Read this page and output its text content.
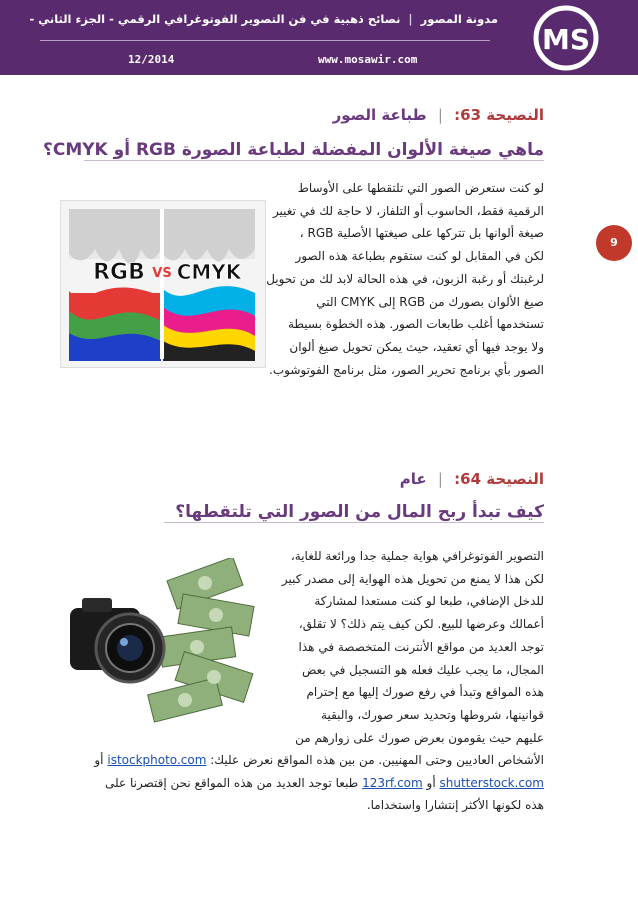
مدونة المصور  |  نصائح ذهبية في فن التصوير الفوتوغرافي الرقمي - الجزء الثاني -
www.mosawir.com
12/2014
MS
9
النصيحة 63: | طباعة الصور
ماهي صيغة الألوان المفضلة لطباعة الصورة RGB أو CMYK؟
لو كنت ستعرض الصور التي تلتقطها على الأوساط
الرقمية فقط، الحاسوب أو التلفاز، لا حاجة لك في تغيير
صيغة ألوانها بل تتركها على صيغتها الأصلية RGB ،
لكن في المقابل لو كنت ستقوم بطباعة هذه الصور
لرغبتك أو رغبة الزبون، في هذه الحالة لابد لك من تحويل
صيغ الألوان بصورك من RGB إلى CMYK التي
تستخدمها أغلب طابعات الصور. هذه الخطوة بسيطة
ولا يوجد فيها أي تعقيد، حيث يمكن تحويل صيغ ألوان
الصور بأي برنامج تحرير الصور، مثل برنامج الفوتوشوب.
RGB VS CMYK
النصيحة 64: | عام
كيف تبدأ ربح المال من الصور التي تلتقطها؟
التصوير الفوتوغرافي هواية جملية جدا ورائعة للغاية،
لكن هذا لا يمنع من تحويل هذه الهواية إلى مصدر كبير
للدخل الإضافي، طبعا لو كنت مستعدا لمشاركة
أعمالك وعرضها للبيع. لكن كيف يتم ذلك؟ لا تقلق،
توجد العديد من مواقع الأنترنت المتخصصة في هذا
المجال، ما يجب عليك فعله هو التسجيل في بعض
هذه المواقع وتبدأ في رفع صورك إليها مع إحترام
قوانينها، شروطها وتحديد سعر صورك، والبقية
عليهم حيث يقومون بعرض صورك على زوارهم من
الأشخاص العاديين وحتى المهنيين. من بين هذه المواقع نعرض عليك: istockphoto.com أو
shutterstock.com أو 123rf.com طبعا توجد العديد من هذه المواقع نحن إقتصرنا على
هذه لكونها الأكثر إنتشارا واستخداما.
